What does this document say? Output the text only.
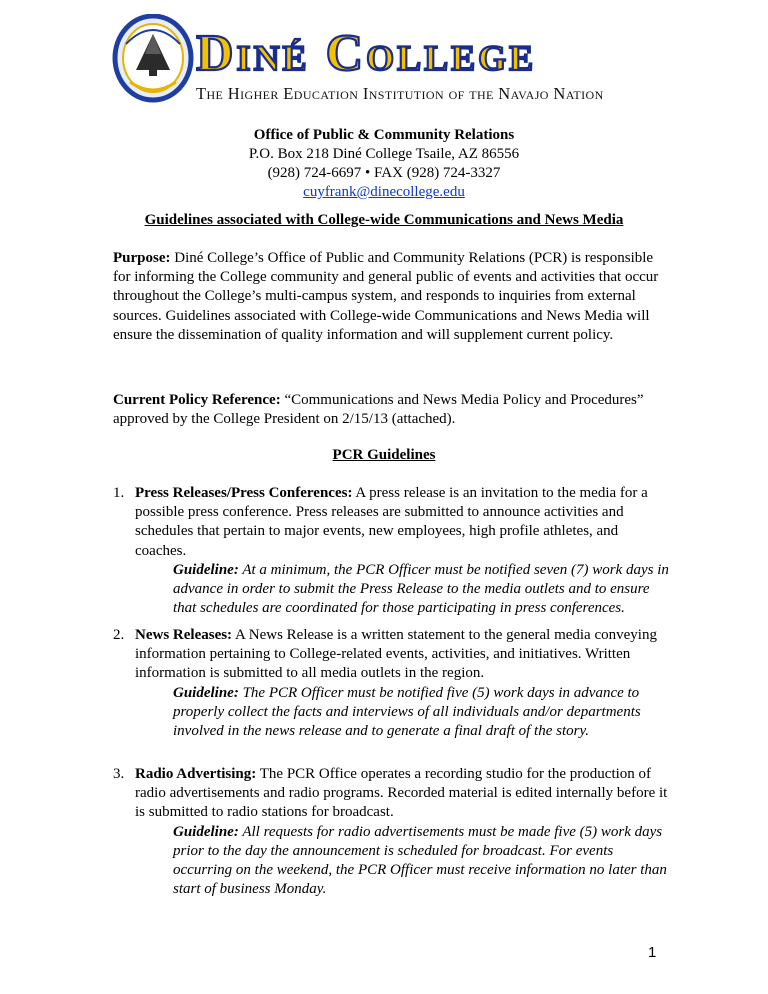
Diné College
The Higher Education Institution of the Navajo Nation
Office of Public & Community Relations
P.O. Box 218 Diné College Tsaile, AZ 86556
(928) 724-6697 • FAX (928) 724-3327
cuyfrank@dinecollege.edu
Guidelines associated with College-wide Communications and News Media
Purpose: Diné College’s Office of Public and Community Relations (PCR) is responsible for informing the College community and general public of events and activities that occur throughout the College’s multi-campus system, and responds to inquiries from external sources. Guidelines associated with College-wide Communications and News Media will ensure the dissemination of quality information and will supplement current policy.
Current Policy Reference: “Communications and News Media Policy and Procedures” approved by the College President on 2/15/13 (attached).
PCR Guidelines
1. Press Releases/Press Conferences: A press release is an invitation to the media for a possible press conference. Press releases are submitted to announce activities and schedules that pertain to major events, new employees, high profile athletes, and coaches.
Guideline: At a minimum, the PCR Officer must be notified seven (7) work days in advance in order to submit the Press Release to the media outlets and to ensure that schedules are coordinated for those participating in press conferences.
2. News Releases: A News Release is a written statement to the general media conveying information pertaining to College-related events, activities, and initiatives. Written information is submitted to all media outlets in the region.
Guideline: The PCR Officer must be notified five (5) work days in advance to properly collect the facts and interviews of all individuals and/or departments involved in the news release and to generate a final draft of the story.
3. Radio Advertising: The PCR Office operates a recording studio for the production of radio advertisements and radio programs. Recorded material is edited internally before it is submitted to radio stations for broadcast.
Guideline: All requests for radio advertisements must be made five (5) work days prior to the day the announcement is scheduled for broadcast. For events occurring on the weekend, the PCR Officer must receive information no later than start of business Monday.
1
